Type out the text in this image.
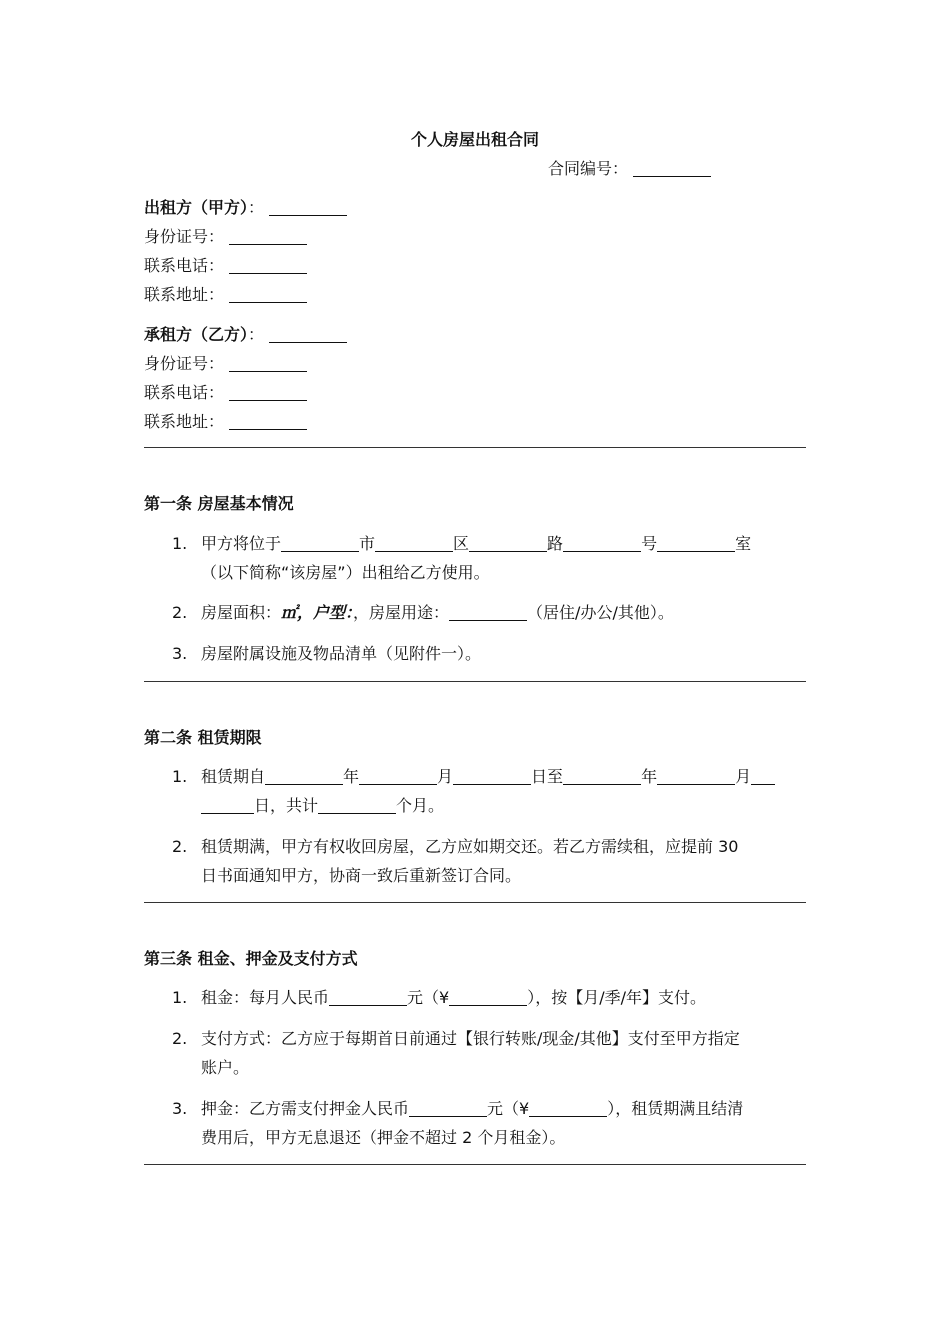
个人房屋出租合同
合同编号：
出租方（甲方）：
身份证号：
联系电话：
联系地址：
承租方（乙方）：
身份证号：
联系电话：
联系地址：
第一条 房屋基本情况
1. 甲方将位于	市	区	路	号	室
（以下简称“该房屋”）出租给乙方使用。
2. 房屋面积：㎡，户型：，房屋用途：	（居住/办公/其他）。
3. 房屋附属设施及物品清单（见附件一）。
第二条 租赁期限
1. 租赁期自	年	月	日至	年	月
日，共计	个月。
2. 租赁期满，甲方有权收回房屋，乙方应如期交还。若乙方需续租，应提前 30
日书面通知甲方，协商一致后重新签订合同。
第三条 租金、押金及支付方式
1. 租金：每月人民币	元（¥	），按【月/季/年】支付。
2. 支付方式：乙方应于每期首日前通过【银行转账/现金/其他】支付至甲方指定
账户。
3. 押金：乙方需支付押金人民币	元（¥	），租赁期满且结清
费用后，甲方无息退还（押金不超过 2 个月租金）。
